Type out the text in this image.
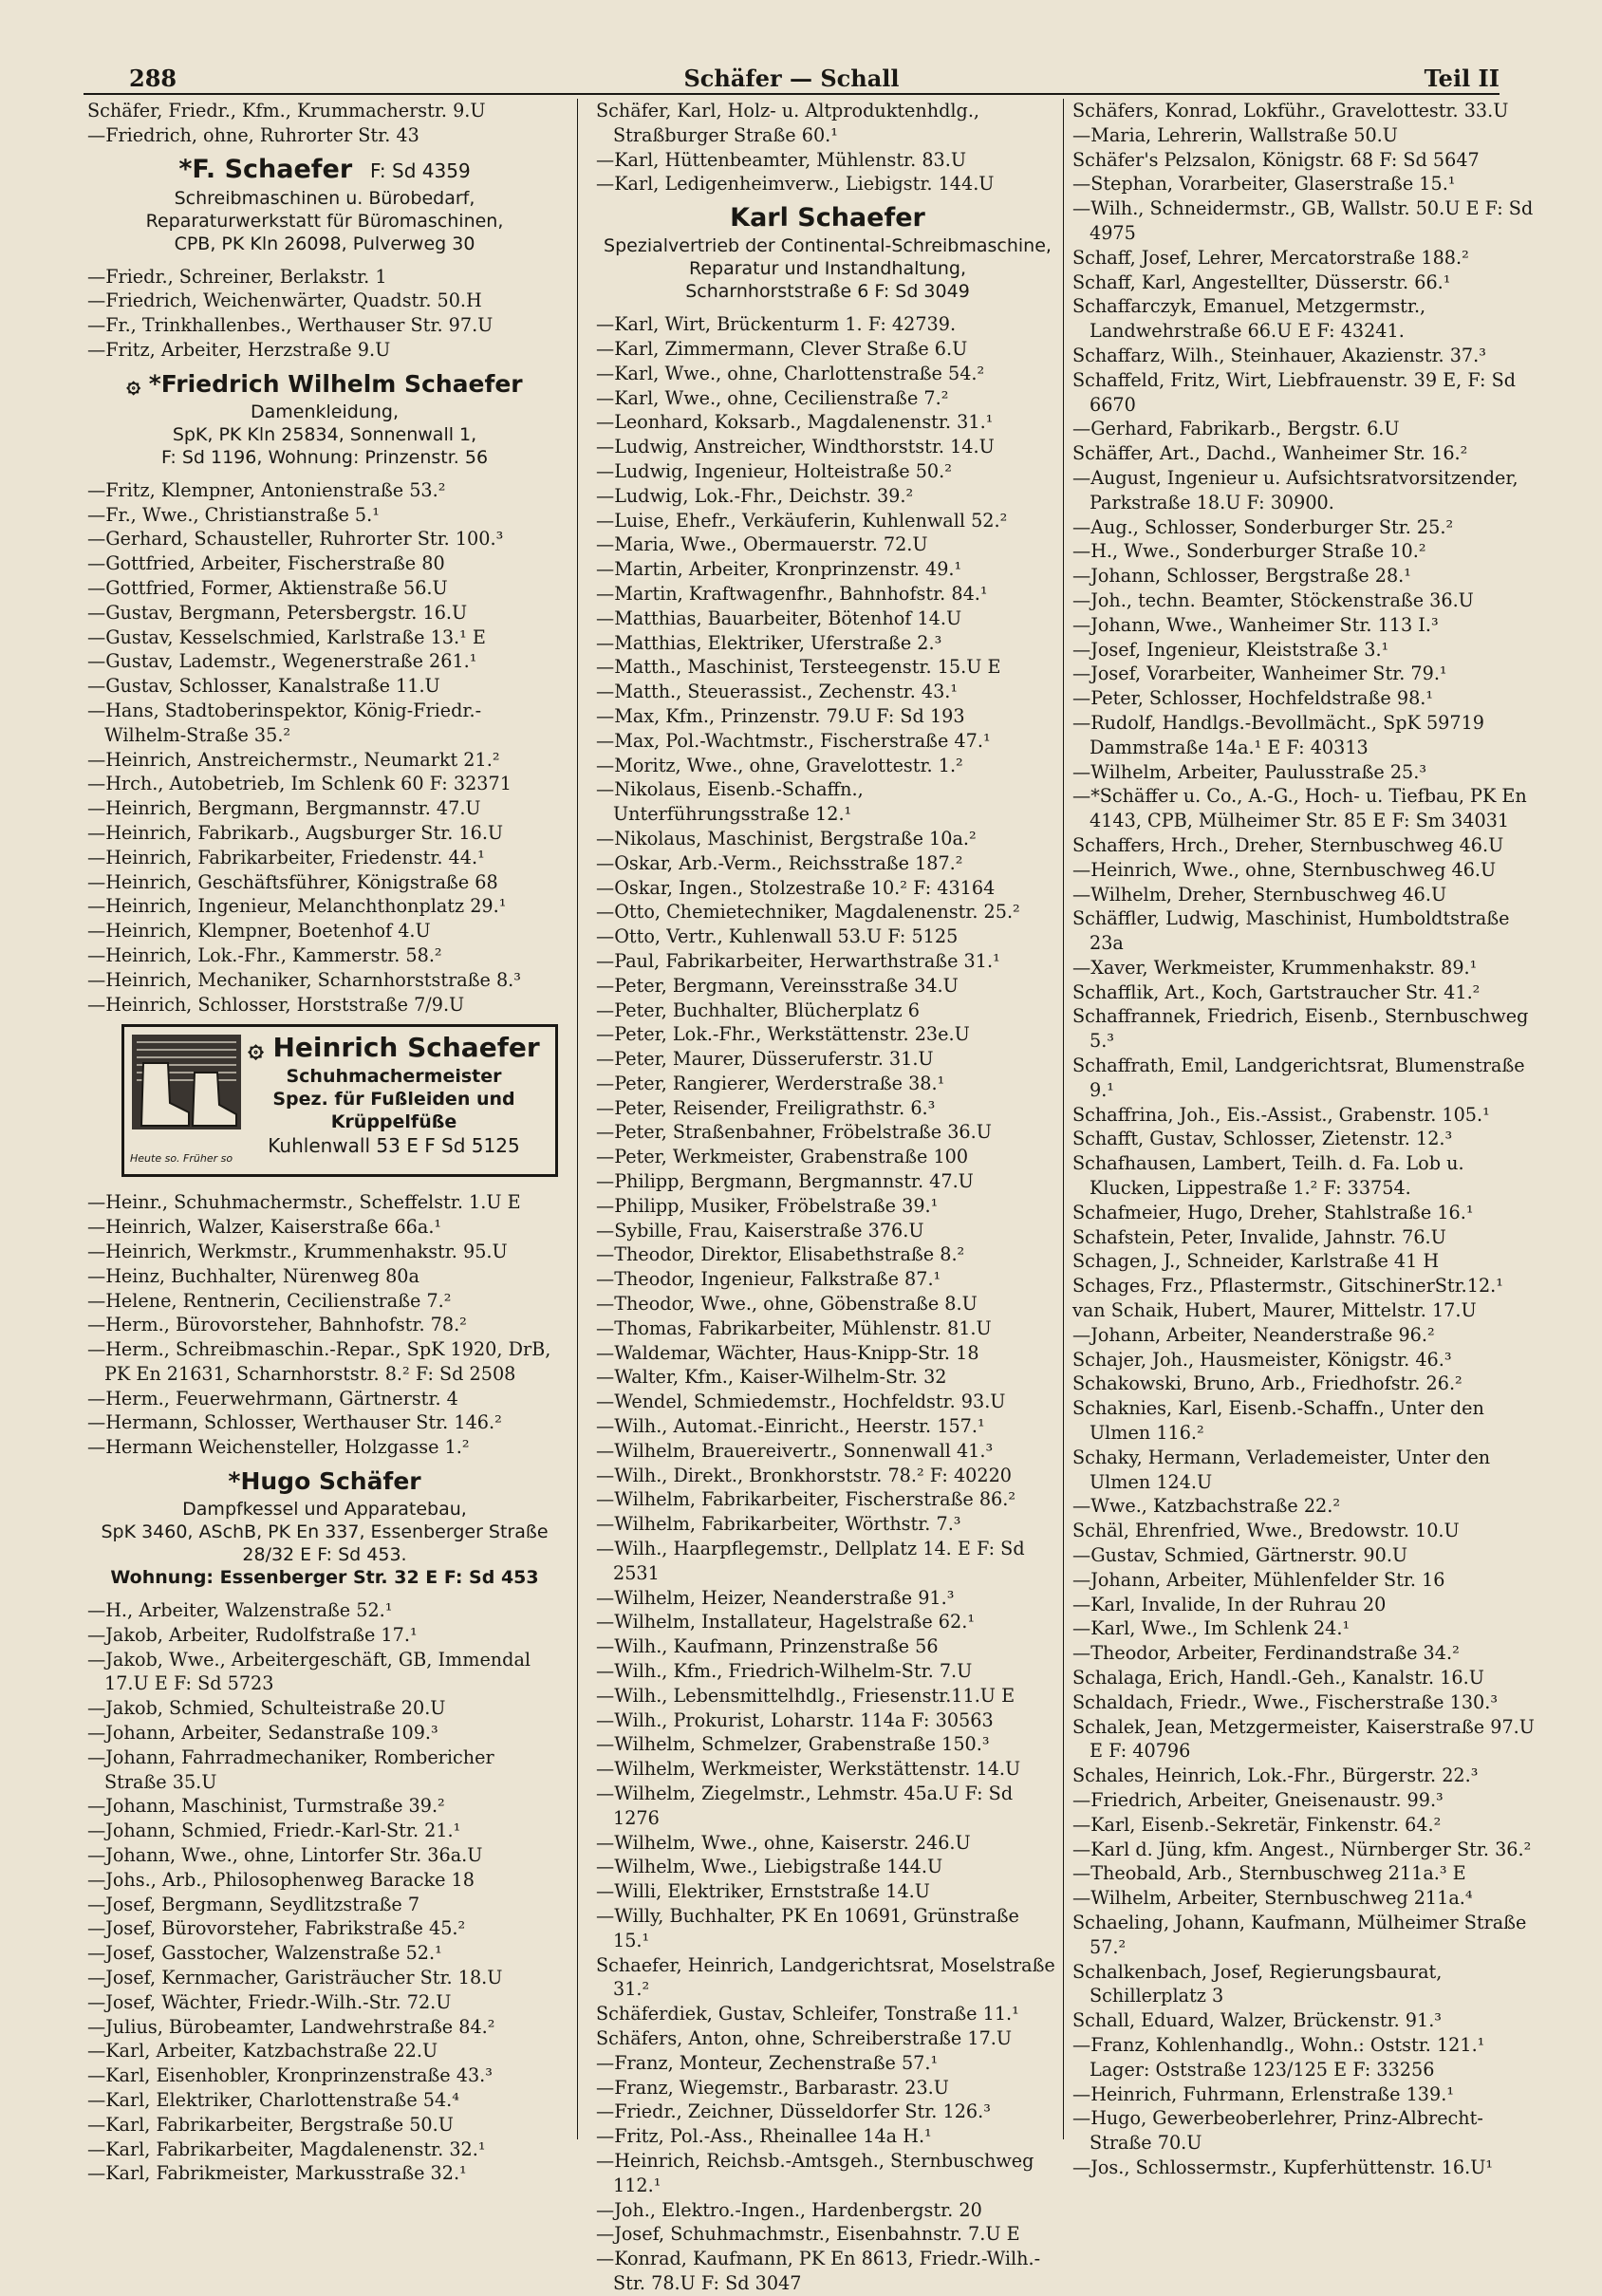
288	Schäfer — Schall	Teil II
Schäfer, Friedr., Kfm., Krummacherstr. 9.U
—Friedrich, ohne, Ruhrorter Str. 43
*F. Schaefer F: Sd 4359
Schreibmaschinen u. Bürobedarf, Reparaturwerkstatt für Büromaschinen,
CPB, PK Kln 26098, Pulverweg 30
—Friedr., Schreiner, Berlakstr. 1
—Friedrich, Weichenwärter, Quadstr. 50.H
—Fr., Trinkhallenbes., Werthauser Str. 97.U
—Fritz, Arbeiter, Herzstraße 9.U
۞ *Friedrich Wilhelm Schaefer
Damenkleidung,
SpK, PK Kln 25834, Sonnenwall 1,
F: Sd 1196, Wohnung: Prinzenstr. 56
—Fritz, Klempner, Antonienstraße 53.²
—Fr., Wwe., Christianstraße 5.¹
—Gerhard, Schausteller, Ruhrorter Str. 100.³
—Gottfried, Arbeiter, Fischerstraße 80
—Gottfried, Former, Aktienstraße 56.U
—Gustav, Bergmann, Petersbergstr. 16.U
—Gustav, Kesselschmied, Karlstraße 13.¹ E
—Gustav, Lademstr., Wegenerstraße 261.¹
—Gustav, Schlosser, Kanalstraße 11.U
—Hans, Stadtoberinspektor, König-Friedr.-Wilhelm-Straße 35.²
—Heinrich, Anstreichermstr., Neumarkt 21.²
—Hrch., Autobetrieb, Im Schlenk 60 F: 32371
—Heinrich, Bergmann, Bergmannstr. 47.U
—Heinrich, Fabrikarb., Augsburger Str. 16.U
—Heinrich, Fabrikarbeiter, Friedenstr. 44.¹
—Heinrich, Geschäftsführer, Königstraße 68
—Heinrich, Ingenieur, Melanchthonplatz 29.¹
—Heinrich, Klempner, Boetenhof 4.U
—Heinrich, Lok.-Fhr., Kammerstr. 58.²
—Heinrich, Mechaniker, Scharnhorststraße 8.³
—Heinrich, Schlosser, Horststraße 7/9.U
Heute so. Früher so
۞ Heinrich Schaefer
Schuhmachermeister
Spez. für Fußleiden und
Krüppelfüße
Kuhlenwall 53 E F Sd 5125
—Heinr., Schuhmachermstr., Scheffelstr. 1.U E
—Heinrich, Walzer, Kaiserstraße 66a.¹
—Heinrich, Werkmstr., Krummenhakstr. 95.U
—Heinz, Buchhalter, Nürenweg 80a
—Helene, Rentnerin, Cecilienstraße 7.²
—Herm., Bürovorsteher, Bahnhofstr. 78.²
—Herm., Schreibmaschin.-Repar., SpK 1920, DrB, PK En 21631, Scharnhorststr. 8.² F: Sd 2508
—Herm., Feuerwehrmann, Gärtnerstr. 4
—Hermann, Schlosser, Werthauser Str. 146.²
—Hermann Weichensteller, Holzgasse 1.²
*Hugo Schäfer
Dampfkessel und Apparatebau,
SpK 3460, ASchB, PK En 337, Essenberger Straße 28/32 E F: Sd 453.
Wohnung: Essenberger Str. 32 E F: Sd 453
—H., Arbeiter, Walzenstraße 52.¹
—Jakob, Arbeiter, Rudolfstraße 17.¹
—Jakob, Wwe., Arbeitergeschäft, GB, Immendal 17.U E F: Sd 5723
—Jakob, Schmied, Schulteistraße 20.U
—Johann, Arbeiter, Sedanstraße 109.³
—Johann, Fahrradmechaniker, Rombericher Straße 35.U
—Johann, Maschinist, Turmstraße 39.²
—Johann, Schmied, Friedr.-Karl-Str. 21.¹
—Johann, Wwe., ohne, Lintorfer Str. 36a.U
—Johs., Arb., Philosophenweg Baracke 18
—Josef, Bergmann, Seydlitzstraße 7
—Josef, Bürovorsteher, Fabrikstraße 45.²
—Josef, Gasstocher, Walzenstraße 52.¹
—Josef, Kernmacher, Garisträucher Str. 18.U
—Josef, Wächter, Friedr.-Wilh.-Str. 72.U
—Julius, Bürobeamter, Landwehrstraße 84.²
—Karl, Arbeiter, Katzbachstraße 22.U
—Karl, Eisenhobler, Kronprinzenstraße 43.³
—Karl, Elektriker, Charlottenstraße 54.⁴
—Karl, Fabrikarbeiter, Bergstraße 50.U
—Karl, Fabrikarbeiter, Magdalenenstr. 32.¹
—Karl, Fabrikmeister, Markusstraße 32.¹
Schäfer, Karl, Holz- u. Altproduktenhdlg., Straßburger Straße 60.¹
—Karl, Hüttenbeamter, Mühlenstr. 83.U
—Karl, Ledigenheimverw., Liebigstr. 144.U
Karl Schaefer
Spezialvertrieb der Continental-Schreibmaschine, Reparatur und Instandhaltung,
Scharnhorststraße 6 F: Sd 3049
—Karl, Wirt, Brückenturm 1. F: 42739.
—Karl, Zimmermann, Clever Straße 6.U
—Karl, Wwe., ohne, Charlottenstraße 54.²
—Karl, Wwe., ohne, Cecilienstraße 7.²
—Leonhard, Koksarb., Magdalenenstr. 31.¹
—Ludwig, Anstreicher, Windthorststr. 14.U
—Ludwig, Ingenieur, Holteistraße 50.²
—Ludwig, Lok.-Fhr., Deichstr. 39.²
—Luise, Ehefr., Verkäuferin, Kuhlenwall 52.²
—Maria, Wwe., Obermauerstr. 72.U
—Martin, Arbeiter, Kronprinzenstr. 49.¹
—Martin, Kraftwagenfhr., Bahnhofstr. 84.¹
—Matthias, Bauarbeiter, Bötenhof 14.U
—Matthias, Elektriker, Uferstraße 2.³
—Matth., Maschinist, Tersteegenstr. 15.U E
—Matth., Steuerassist., Zechenstr. 43.¹
—Max, Kfm., Prinzenstr. 79.U F: Sd 193
—Max, Pol.-Wachtmstr., Fischerstraße 47.¹
—Moritz, Wwe., ohne, Gravelottestr. 1.²
—Nikolaus, Eisenb.-Schaffn., Unterführungsstraße 12.¹
—Nikolaus, Maschinist, Bergstraße 10a.²
—Oskar, Arb.-Verm., Reichsstraße 187.²
—Oskar, Ingen., Stolzestraße 10.² F: 43164
—Otto, Chemietechniker, Magdalenenstr. 25.²
—Otto, Vertr., Kuhlenwall 53.U F: 5125
—Paul, Fabrikarbeiter, Herwarthstraße 31.¹
—Peter, Bergmann, Vereinsstraße 34.U
—Peter, Buchhalter, Blücherplatz 6
—Peter, Lok.-Fhr., Werkstättenstr. 23e.U
—Peter, Maurer, Düsseruferstr. 31.U
—Peter, Rangierer, Werderstraße 38.¹
—Peter, Reisender, Freiligrathstr. 6.³
—Peter, Straßenbahner, Fröbelstraße 36.U
—Peter, Werkmeister, Grabenstraße 100
—Philipp, Bergmann, Bergmannstr. 47.U
—Philipp, Musiker, Fröbelstraße 39.¹
—Sybille, Frau, Kaiserstraße 376.U
—Theodor, Direktor, Elisabethstraße 8.²
—Theodor, Ingenieur, Falkstraße 87.¹
—Theodor, Wwe., ohne, Göbenstraße 8.U
—Thomas, Fabrikarbeiter, Mühlenstr. 81.U
—Waldemar, Wächter, Haus-Knipp-Str. 18
—Walter, Kfm., Kaiser-Wilhelm-Str. 32
—Wendel, Schmiedemstr., Hochfeldstr. 93.U
—Wilh., Automat.-Einricht., Heerstr. 157.¹
—Wilhelm, Brauereivertr., Sonnenwall 41.³
—Wilh., Direkt., Bronkhorststr. 78.² F: 40220
—Wilhelm, Fabrikarbeiter, Fischerstraße 86.²
—Wilhelm, Fabrikarbeiter, Wörthstr. 7.³
—Wilh., Haarpflegemstr., Dellplatz 14. E F: Sd 2531
—Wilhelm, Heizer, Neanderstraße 91.³
—Wilhelm, Installateur, Hagelstraße 62.¹
—Wilh., Kaufmann, Prinzenstraße 56
—Wilh., Kfm., Friedrich-Wilhelm-Str. 7.U
—Wilh., Lebensmittelhdlg., Friesenstr.11.U E
—Wilh., Prokurist, Loharstr. 114a F: 30563
—Wilhelm, Schmelzer, Grabenstraße 150.³
—Wilhelm, Werkmeister, Werkstättenstr. 14.U
—Wilhelm, Ziegelmstr., Lehmstr. 45a.U F: Sd 1276
—Wilhelm, Wwe., ohne, Kaiserstr. 246.U
—Wilhelm, Wwe., Liebigstraße 144.U
—Willi, Elektriker, Ernststraße 14.U
—Willy, Buchhalter, PK En 10691, Grünstraße 15.¹
Schaefer, Heinrich, Landgerichtsrat, Moselstraße 31.²
Schäferdiek, Gustav, Schleifer, Tonstraße 11.¹
Schäfers, Anton, ohne, Schreiberstraße 17.U
—Franz, Monteur, Zechenstraße 57.¹
—Franz, Wiegemstr., Barbarastr. 23.U
—Friedr., Zeichner, Düsseldorfer Str. 126.³
—Fritz, Pol.-Ass., Rheinallee 14a H.¹
—Heinrich, Reichsb.-Amtsgeh., Sternbuschweg 112.¹
—Joh., Elektro.-Ingen., Hardenbergstr. 20
—Josef, Schuhmachmstr., Eisenbahnstr. 7.U E
—Konrad, Kaufmann, PK En 8613, Friedr.-Wilh.-Str. 78.U F: Sd 3047
Schäfers, Konrad, Lokführ., Gravelottestr. 33.U
—Maria, Lehrerin, Wallstraße 50.U
Schäfer's Pelzsalon, Königstr. 68 F: Sd 5647
—Stephan, Vorarbeiter, Glaserstraße 15.¹
—Wilh., Schneidermstr., GB, Wallstr. 50.U E F: Sd 4975
Schaff, Josef, Lehrer, Mercatorstraße 188.²
Schaff, Karl, Angestellter, Düsserstr. 66.¹
Schaffarczyk, Emanuel, Metzgermstr., Landwehrstraße 66.U E F: 43241.
Schaffarz, Wilh., Steinhauer, Akazienstr. 37.³
Schaffeld, Fritz, Wirt, Liebfrauenstr. 39 E, F: Sd 6670
—Gerhard, Fabrikarb., Bergstr. 6.U
Schäffer, Art., Dachd., Wanheimer Str. 16.²
—August, Ingenieur u. Aufsichtsratvorsitzender, Parkstraße 18.U F: 30900.
—Aug., Schlosser, Sonderburger Str. 25.²
—H., Wwe., Sonderburger Straße 10.²
—Johann, Schlosser, Bergstraße 28.¹
—Joh., techn. Beamter, Stöckenstraße 36.U
—Johann, Wwe., Wanheimer Str. 113 I.³
—Josef, Ingenieur, Kleiststraße 3.¹
—Josef, Vorarbeiter, Wanheimer Str. 79.¹
—Peter, Schlosser, Hochfeldstraße 98.¹
—Rudolf, Handlgs.-Bevollmächt., SpK 59719 Dammstraße 14a.¹ E F: 40313
—Wilhelm, Arbeiter, Paulusstraße 25.³
—*Schäffer u. Co., A.-G., Hoch- u. Tiefbau, PK En 4143, CPB, Mülheimer Str. 85 E F: Sm 34031
Schaffers, Hrch., Dreher, Sternbuschweg 46.U
—Heinrich, Wwe., ohne, Sternbuschweg 46.U
—Wilhelm, Dreher, Sternbuschweg 46.U
Schäffler, Ludwig, Maschinist, Humboldtstraße 23a
—Xaver, Werkmeister, Krummenhakstr. 89.¹
Schafflik, Art., Koch, Gartstraucher Str. 41.²
Schaffrannek, Friedrich, Eisenb., Sternbuschweg 5.³
Schaffrath, Emil, Landgerichtsrat, Blumenstraße 9.¹
Schaffrina, Joh., Eis.-Assist., Grabenstr. 105.¹
Schafft, Gustav, Schlosser, Zietenstr. 12.³
Schafhausen, Lambert, Teilh. d. Fa. Lob u. Klucken, Lippestraße 1.² F: 33754.
Schafmeier, Hugo, Dreher, Stahlstraße 16.¹
Schafstein, Peter, Invalide, Jahnstr. 76.U
Schagen, J., Schneider, Karlstraße 41 H
Schages, Frz., Pflastermstr., GitschinerStr.12.¹
van Schaik, Hubert, Maurer, Mittelstr. 17.U
—Johann, Arbeiter, Neanderstraße 96.²
Schajer, Joh., Hausmeister, Königstr. 46.³
Schakowski, Bruno, Arb., Friedhofstr. 26.²
Schaknies, Karl, Eisenb.-Schaffn., Unter den Ulmen 116.²
Schaky, Hermann, Verlademeister, Unter den Ulmen 124.U
—Wwe., Katzbachstraße 22.²
Schäl, Ehrenfried, Wwe., Bredowstr. 10.U
—Gustav, Schmied, Gärtnerstr. 90.U
—Johann, Arbeiter, Mühlenfelder Str. 16
—Karl, Invalide, In der Ruhrau 20
—Karl, Wwe., Im Schlenk 24.¹
—Theodor, Arbeiter, Ferdinandstraße 34.²
Schalaga, Erich, Handl.-Geh., Kanalstr. 16.U
Schaldach, Friedr., Wwe., Fischerstraße 130.³
Schalek, Jean, Metzgermeister, Kaiserstraße 97.U E F: 40796
Schales, Heinrich, Lok.-Fhr., Bürgerstr. 22.³
—Friedrich, Arbeiter, Gneisenaustr. 99.³
—Karl, Eisenb.-Sekretär, Finkenstr. 64.²
—Karl d. Jüng, kfm. Angest., Nürnberger Str. 36.²
—Theobald, Arb., Sternbuschweg 211a.³ E
—Wilhelm, Arbeiter, Sternbuschweg 211a.⁴
Schaeling, Johann, Kaufmann, Mülheimer Straße 57.²
Schalkenbach, Josef, Regierungsbaurat, Schillerplatz 3
Schall, Eduard, Walzer, Brückenstr. 91.³
—Franz, Kohlenhandlg., Wohn.: Oststr. 121.¹ Lager: Oststraße 123/125 E F: 33256
—Heinrich, Fuhrmann, Erlenstraße 139.¹
—Hugo, Gewerbeoberlehrer, Prinz-Albrecht-Straße 70.U
—Jos., Schlossermstr., Kupferhüttenstr. 16.U¹
